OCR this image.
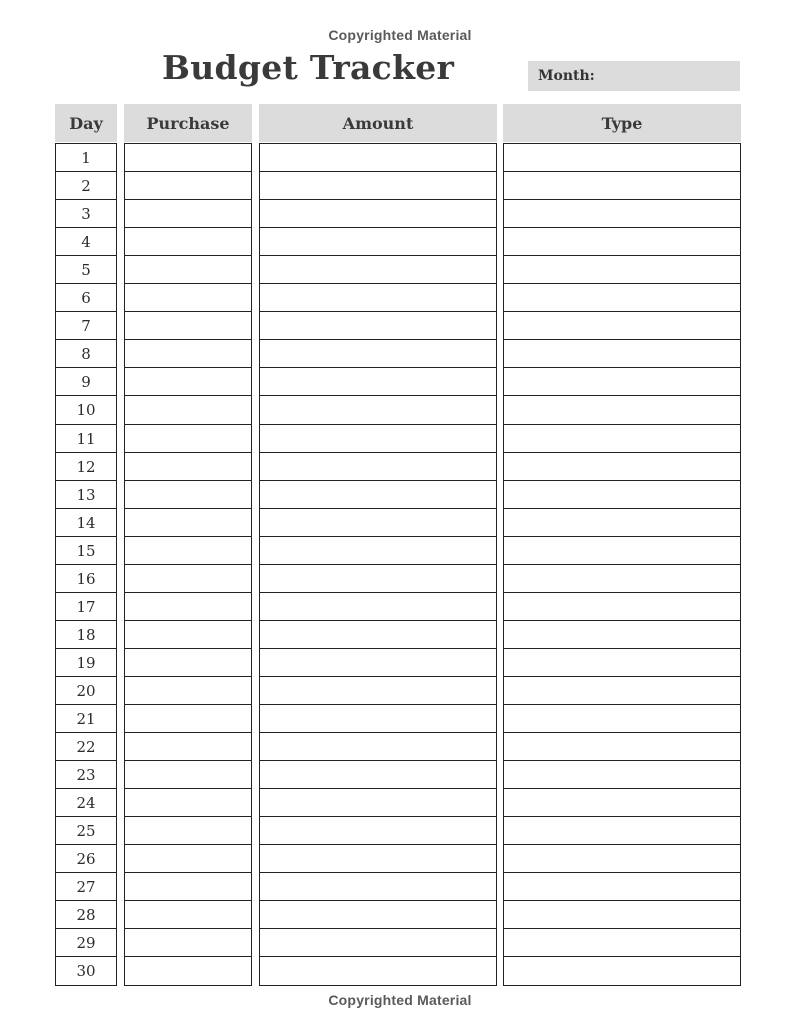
Copyrighted Material
Budget Tracker	Month:
Day	Purchase	Amount	Type
1
2
3
4
5
6
7
8
9
10
11
12
13
14
15
16
17
18
19
20
21
22
23
24
25
26
27
28
29
30
Copyrighted Material
